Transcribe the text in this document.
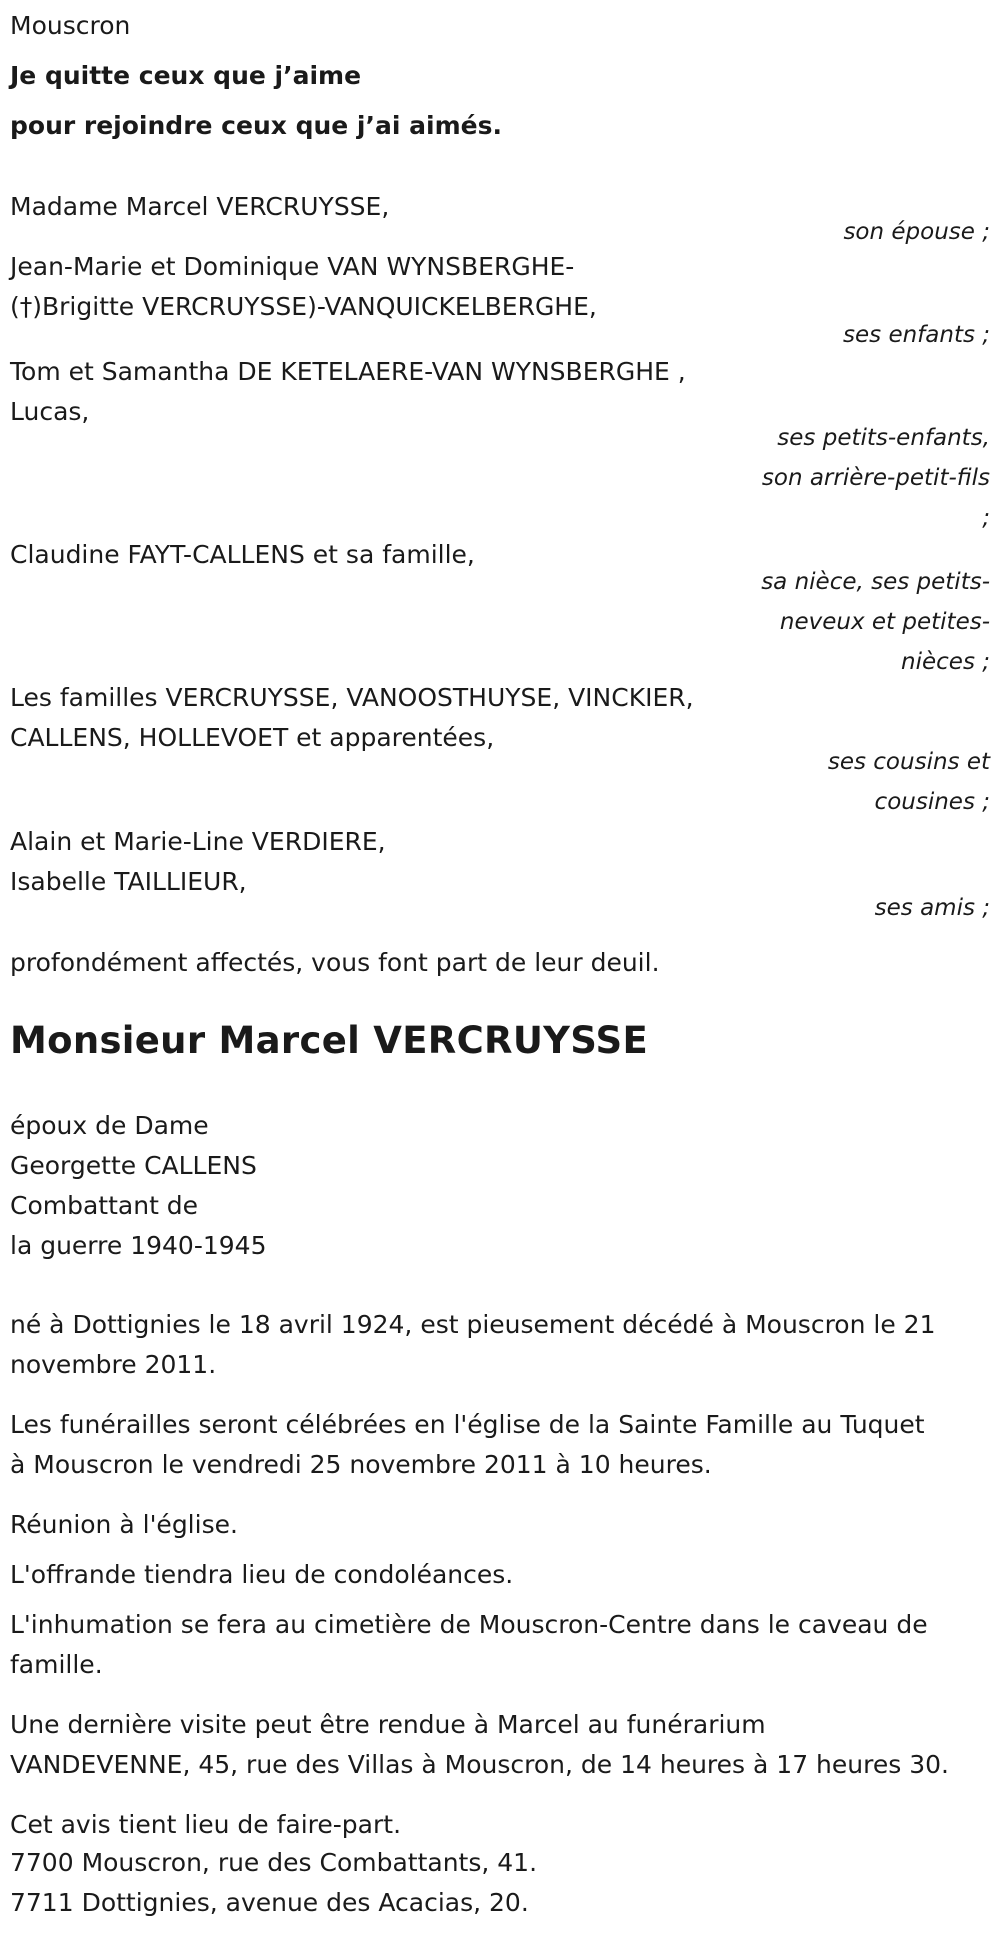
Mouscron

Je quitte ceux que j’aime

pour rejoindre ceux que j’ai aimés.

Madame Marcel VERCRUYSSE,

son épouse ;

Jean-Marie et Dominique VAN WYNSBERGHE-
(†)Brigitte VERCRUYSSE)-VANQUICKELBERGHE,

ses enfants ;

Tom et Samantha DE KETELAERE-VAN WYNSBERGHE ,
Lucas,

ses petits-enfants,
son arrière-petit-fils
;

Claudine FAYT-CALLENS et sa famille,

sa nièce, ses petits-
neveux et petites-
nièces ;

Les familles VERCRUYSSE, VANOOSTHUYSE, VINCKIER,
CALLENS, HOLLEVOET et apparentées,

ses cousins et
cousines ;

Alain et Marie-Line VERDIERE,
Isabelle TAILLIEUR,

ses amis ;

profondément affectés, vous font part de leur deuil.

Monsieur Marcel VERCRUYSSE
époux de Dame
Georgette CALLENS
Combattant de
la guerre 1940-1945
né à Dottignies le 18 avril 1924, est pieusement décédé à Mouscron le 21
novembre 2011.
Les funérailles seront célébrées en l'église de la Sainte Famille au Tuquet
à Mouscron le vendredi 25 novembre 2011 à 10 heures.

Réunion à l'église.

L'offrande tiendra lieu de condoléances.

L'inhumation se fera au cimetière de Mouscron-Centre dans le caveau de
famille.
Une dernière visite peut être rendue à Marcel au funérarium
VANDEVENNE, 45, rue des Villas à Mouscron, de 14 heures à 17 heures 30.

Cet avis tient lieu de faire-part.

7700 Mouscron, rue des Combattants, 41.
7711 Dottignies, avenue des Acacias, 20.
